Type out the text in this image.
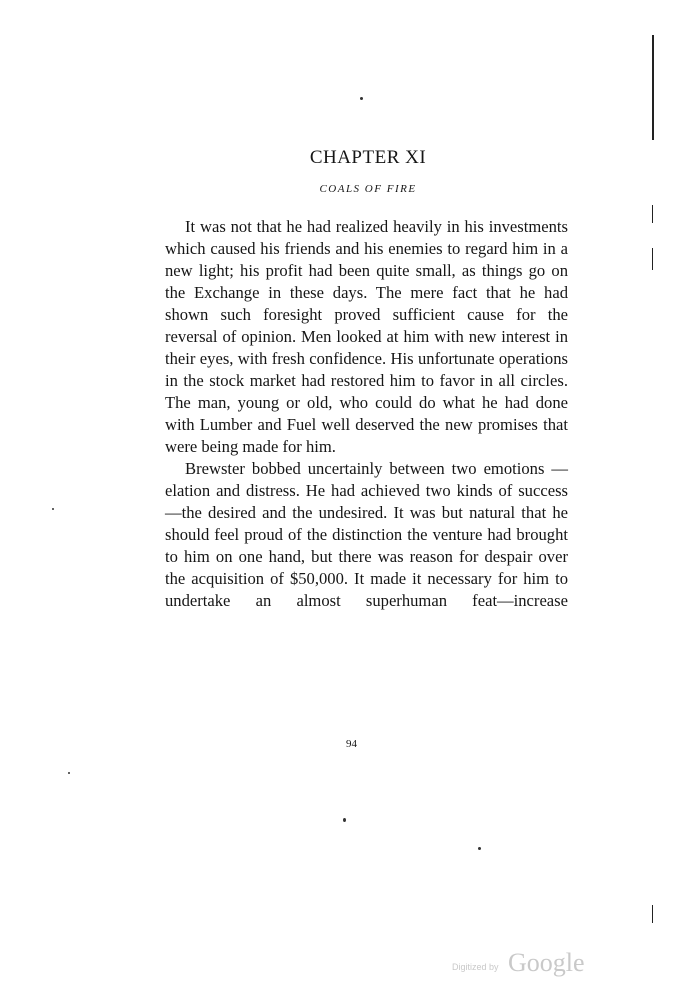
CHAPTER XI
COALS OF FIRE

It was not that he had realized heavily in his investments which caused his friends and his enemies to regard him in a new light; his profit had been quite small, as things go on the Exchange in these days. The mere fact that he had shown such foresight proved sufficient cause for the reversal of opinion. Men looked at him with new interest in their eyes, with fresh confidence. His unfortunate operations in the stock market had restored him to favor in all circles. The man, young or old, who could do what he had done with Lumber and Fuel well deserved the new promises that were being made for him.

Brewster bobbed uncertainly between two emotions — elation and distress. He had achieved two kinds of success—the desired and the undesired. It was but natural that he should feel proud of the distinction the venture had brought to him on one hand, but there was reason for despair over the acquisition of $50,000. It made it necessary for him to undertake an almost superhuman feat—increase

94

Digitized by Google
